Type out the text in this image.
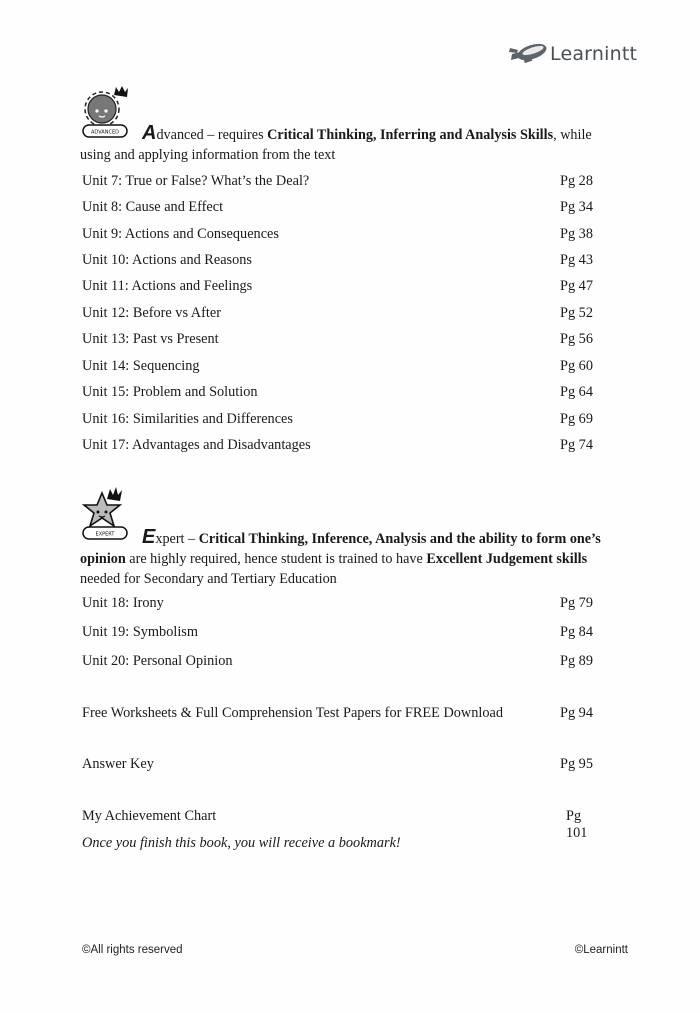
Learnintt
ADVANCED	Advanced – requires Critical Thinking, Inferring and Analysis Skills, while using and applying information from the text
Unit 7: True or False? What’s the Deal?	Pg 28
Unit 8: Cause and Effect	Pg 34
Unit 9: Actions and Consequences	Pg 38
Unit 10: Actions and Reasons	Pg 43
Unit 11: Actions and Feelings	Pg 47
Unit 12: Before vs After	Pg 52
Unit 13: Past vs Present	Pg 56
Unit 14: Sequencing	Pg 60
Unit 15: Problem and Solution	Pg 64
Unit 16: Similarities and Differences	Pg 69
Unit 17: Advantages and Disadvantages	Pg 74
EXPERT	Expert – Critical Thinking, Inference, Analysis and the ability to form one’s opinion are highly required, hence student is trained to have Excellent Judgement skills needed for Secondary and Tertiary Education
Unit 18: Irony	Pg 79
Unit 19: Symbolism	Pg 84
Unit 20: Personal Opinion	Pg 89
Free Worksheets & Full Comprehension Test Papers for FREE Download	Pg 94
Answer Key	Pg 95
My Achievement Chart	Pg 101
Once you finish this book, you will receive a bookmark!
©All rights reserved	©Learnintt
